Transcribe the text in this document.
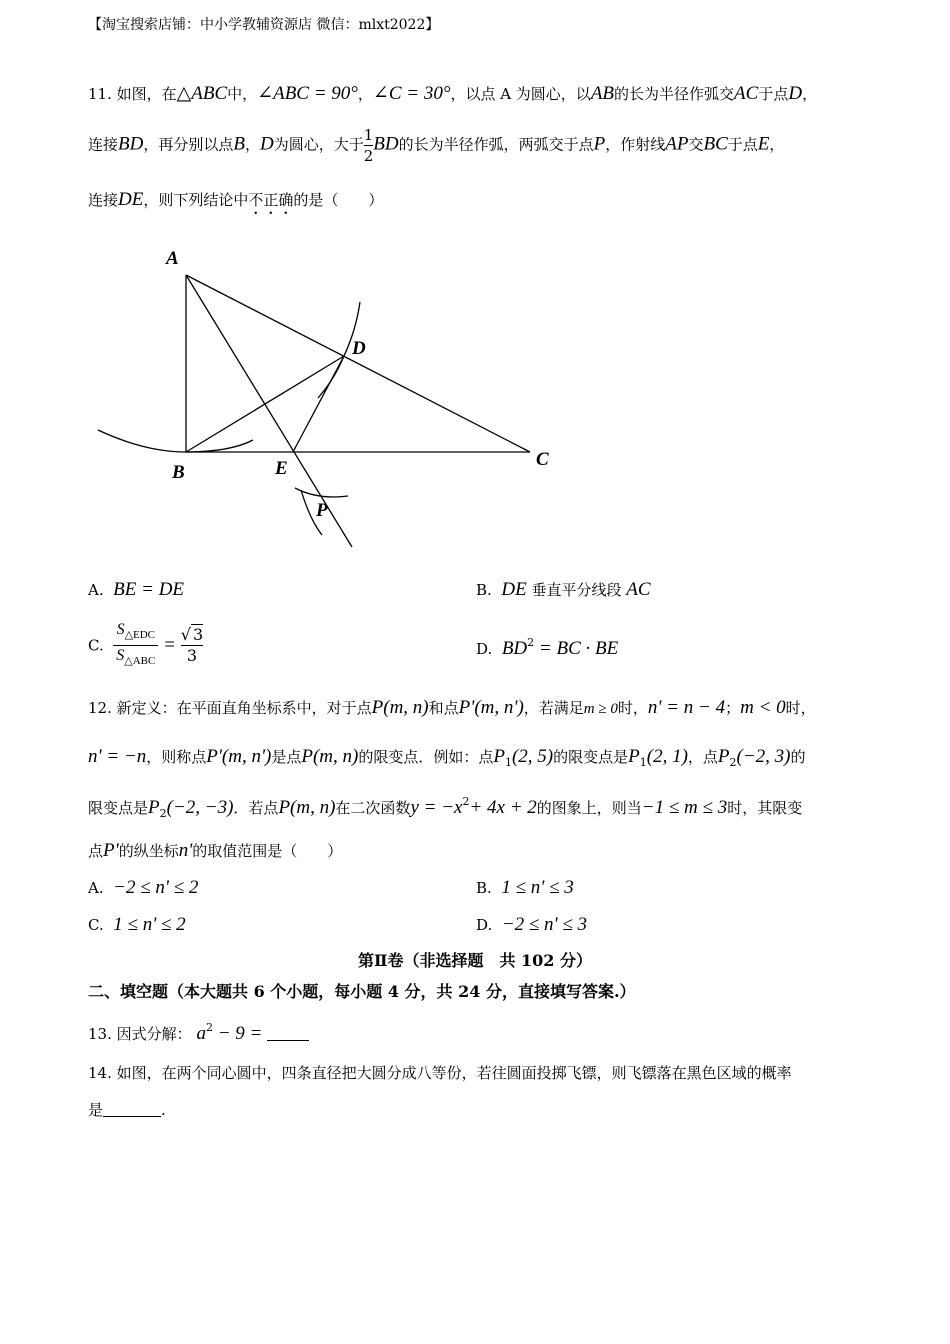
【淘宝搜索店铺：中小学教辅资源店 微信：mlxt2022】
11. 如图，在△ABC中，∠ABC = 90°，∠C = 30°，以点 A 为圆心，以AB的长为半径作弧交AC于点D，
连接BD，再分别以点B，D为圆心，大于 $\frac{1}{2}$ BD的长为半径作弧，两弧交于点P，作射线AP交BC于点E，
连接DE，则下列结论中不正确的是（　　）
A
B
C
D
E
P
A. BE = DE	B. DE 垂直平分线段 AC
C. $\frac{S_{\triangle EDC}}{S_{\triangle ABC}} = \frac{√ 3}{3}$	D. $BD^2$ = BC · BE
12. 新定义：在平面直角坐标系中，对于点P(m, n)和点P'(m, n')，若满足m ≥ 0时，n' = n − 4；m < 0时，
n' = −n，则称点P'(m, n')是点P(m, n)的限变点．例如：点$P_1(2$, 5)的限变点是$P_1(2$, 1)，点$P_2(-2$, 3)的
限变点是$P_2(-2$, −3)．若点P(m, n)在二次函数$y = -x^2+ 4x + 2$的图象上，则当−1 ≤ m ≤ 3时，其限变
点P'的纵坐标n'的取值范围是（　　）
A. −2 ≤ n' ≤ 2	B. 1 ≤ n' ≤ 3
C. 1 ≤ n' ≤ 2	D. −2 ≤ n' ≤ 3
第Ⅱ卷（非选择题　共 102 分）
二、填空题（本大题共 6 个小题，每小题 4 分，共 24 分，直接填写答案.）
13. 因式分解： $a^2 - 9$ =
14. 如图，在两个同心圆中，四条直径把大圆分成八等份，若往圆面投掷飞镖，则飞镖落在黑色区域的概率
是	.
